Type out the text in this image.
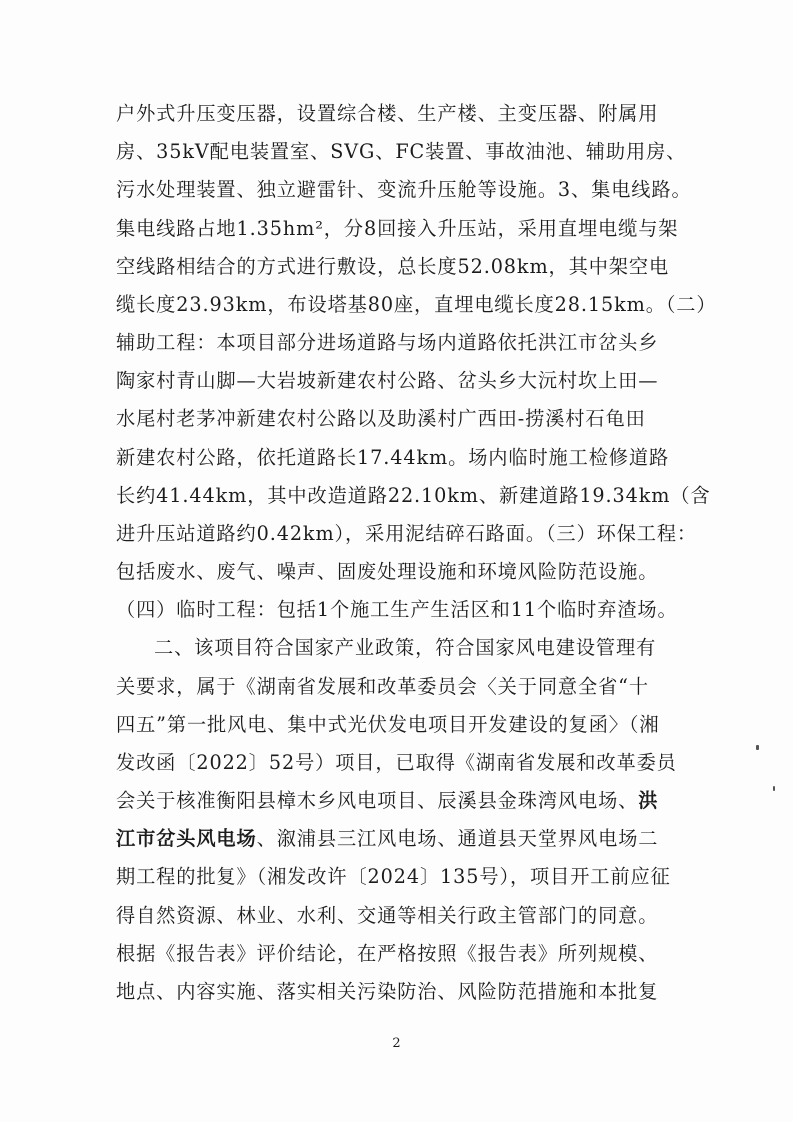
户外式升压变压器，设置综合楼、生产楼、主变压器、附属用
房、35kV配电装置室、SVG、FC装置、事故油池、辅助用房、
污水处理装置、独立避雷针、变流升压舱等设施。3、集电线路。
集电线路占地1.35hm²，分8回接入升压站，采用直埋电缆与架
空线路相结合的方式进行敷设，总长度52.08km，其中架空电
缆长度23.93km，布设塔基80座，直埋电缆长度28.15km。（二）
辅助工程：本项目部分进场道路与场内道路依托洪江市岔头乡
陶家村青山脚—大岩坡新建农村公路、岔头乡大沅村坎上田—
水尾村老茅冲新建农村公路以及助溪村广西田-捞溪村石龟田
新建农村公路，依托道路长17.44km。场内临时施工检修道路
长约41.44km，其中改造道路22.10km、新建道路19.34km（含
进升压站道路约0.42km），采用泥结碎石路面。（三）环保工程：
包括废水、废气、噪声、固废处理设施和环境风险防范设施。
（四）临时工程：包括1个施工生产生活区和11个临时弃渣场。
二、该项目符合国家产业政策，符合国家风电建设管理有
关要求，属于《湖南省发展和改革委员会〈关于同意全省“十
四五”第一批风电、集中式光伏发电项目开发建设的复函〉（湘
发改函〔2022〕52号）项目，已取得《湖南省发展和改革委员
会关于核准衡阳县樟木乡风电项目、辰溪县金珠湾风电场、洪
江市岔头风电场、溆浦县三江风电场、通道县天堂界风电场二
期工程的批复》（湘发改许〔2024〕135号），项目开工前应征
得自然资源、林业、水利、交通等相关行政主管部门的同意。
根据《报告表》评价结论，在严格按照《报告表》所列规模、
地点、内容实施、落实相关污染防治、风险防范措施和本批复
2
